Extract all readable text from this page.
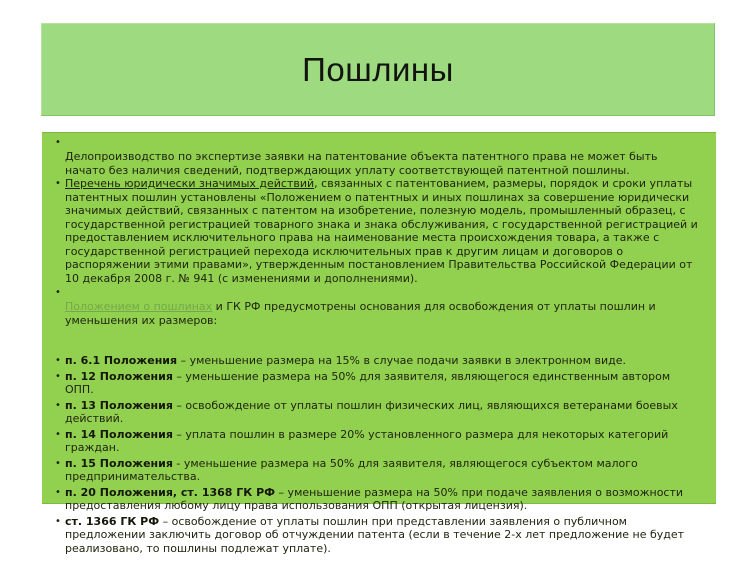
Пошлины
•

Делопроизводство по экспертизе заявки на патентование объекта патентного права не может быть начато без наличия сведений, подтверждающих уплату соответствующей патентной пошлины.

• Перечень юридически значимых действий, связанных с патентованием, размеры, порядок и сроки уплаты патентных пошлин установлены «Положением о патентных и иных пошлинах за совершение юридически значимых действий, связанных с патентом на изобретение, полезную модель, промышленный образец, с государственной регистрацией товарного знака и знака обслуживания, с государственной регистрацией и предоставлением исключительного права на наименование места происхождения товара, а также с государственной регистрацией перехода исключительных прав к другим лицам и договоров о распоряжении этими правами», утвержденным постановлением Правительства Российской Федерации от 10 декабря 2008 г. № 941 (с изменениями и дополнениями).

•

Положением о пошлинах и ГК РФ предусмотрены основания для освобождения от уплаты пошлин и уменьшения их размеров:

• п. 6.1 Положения – уменьшение размера на 15% в случае подачи заявки в электронном виде.
• п. 12 Положения – уменьшение размера на 50% для заявителя, являющегося единственным автором ОПП.
• п. 13 Положения – освобождение от уплаты пошлин физических лиц, являющихся ветеранами боевых действий.
• п. 14 Положения – уплата пошлин в размере 20% установленного размера для некоторых категорий граждан.
• п. 15 Положения - уменьшение размера на 50% для заявителя, являющегося субъектом малого предпринимательства.
• п. 20 Положения, ст. 1368 ГК РФ – уменьшение размера на 50% при подаче заявления о возможности предоставления любому лицу права использования ОПП (открытая лицензия).
• ст. 1366 ГК РФ – освобождение от уплаты пошлин при представлении заявления о публичном предложении заключить договор об отчуждении патента (если в течение 2-х лет предложение не будет реализовано, то пошлины подлежат уплате).
